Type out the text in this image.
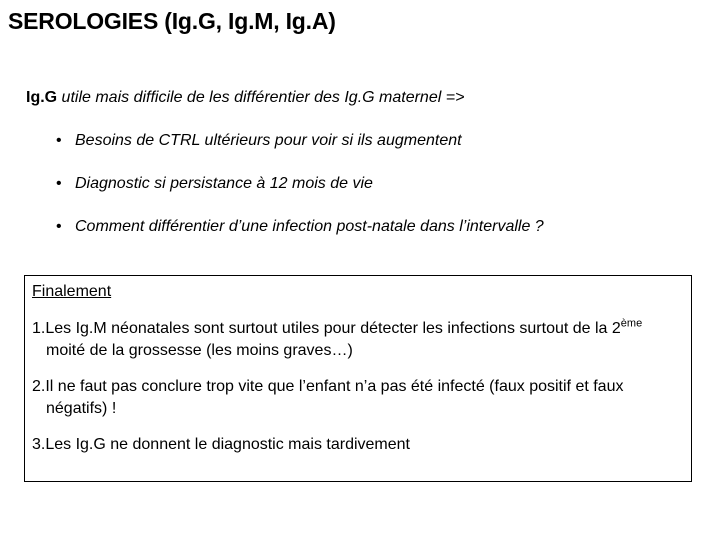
SEROLOGIES (Ig.G, Ig.M, Ig.A)
Ig.G utile mais difficile de les différentier des Ig.G maternel =>
• Besoins de CTRL ultérieurs pour voir si ils augmentent
• Diagnostic si persistance à 12 mois de vie
• Comment différentier d’une infection post-natale dans l’intervalle ?
Finalement
1.Les Ig.M néonatales sont surtout utiles pour détecter les infections surtout de la 2ème moité de la grossesse (les moins graves…)
2.Il ne faut pas conclure trop vite que l’enfant n’a pas été infecté (faux positif et faux négatifs) !
3.Les Ig.G ne donnent le diagnostic mais tardivement
